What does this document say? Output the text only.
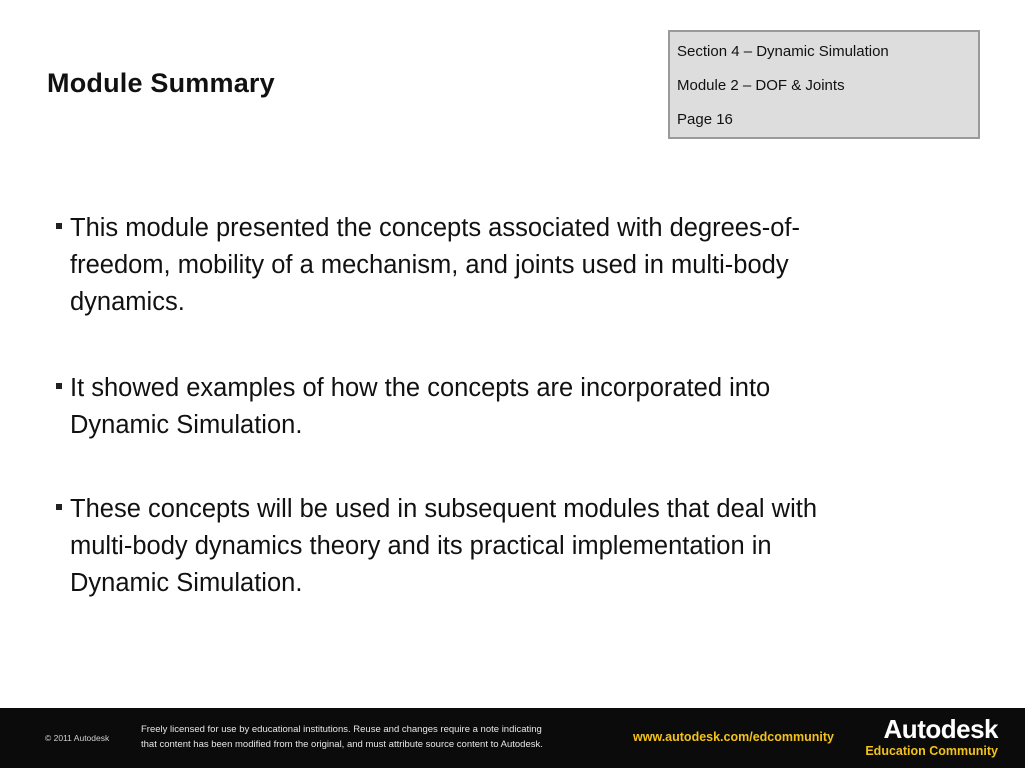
Module Summary
Section 4 – Dynamic Simulation
Module 2 – DOF & Joints
Page 16
This module presented the concepts associated with degrees-of-
freedom, mobility of a mechanism, and joints used in multi-body
dynamics.
It showed examples of how the concepts are incorporated into
Dynamic Simulation.
These concepts will be used in subsequent modules that deal with
multi-body dynamics theory and its practical implementation in
Dynamic Simulation.
© 2011 Autodesk
Freely licensed for use by educational institutions. Reuse and changes require a note indicating
that content has been modified from the original, and must attribute source content to Autodesk.
www.autodesk.com/edcommunity Autodesk
Education Community
